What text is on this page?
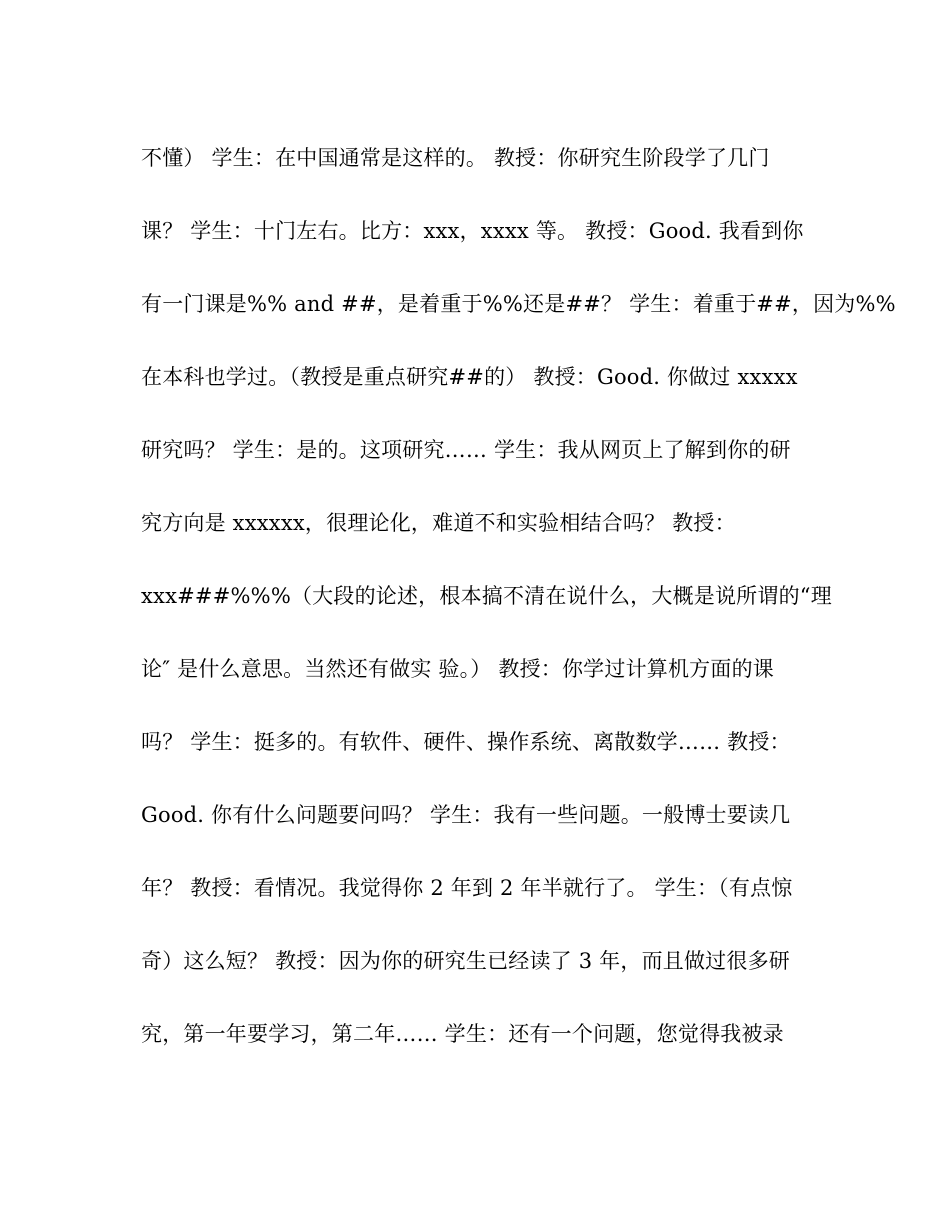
不懂） 学生：在中国通常是这样的。 教授：你研究生阶段学了几门
课？ 学生：十门左右。比方：xxx，xxxx 等。 教授：Good. 我看到你
有一门课是%% and ##，是着重于%%还是##？ 学生：着重于##，因为%%
在本科也学过。（教授是重点研究##的） 教授：Good. 你做过 xxxxx
研究吗？ 学生：是的。这项研究…… 学生：我从网页上了解到你的研
究方向是 xxxxxx，很理论化，难道不和实验相结合吗？ 教授：
xxx###%%%（大段的论述，根本搞不清在说什么，大概是说所谓的“理
论″ 是什么意思。当然还有做实 验。） 教授：你学过计算机方面的课
吗？ 学生：挺多的。有软件、硬件、操作系统、离散数学…… 教授：
Good. 你有什么问题要问吗？ 学生：我有一些问题。一般博士要读几
年？ 教授：看情况。我觉得你 2 年到 2 年半就行了。 学生：（有点惊
奇）这么短？ 教授：因为你的研究生已经读了 3 年，而且做过很多研
究，第一年要学习，第二年…… 学生：还有一个问题，您觉得我被录
